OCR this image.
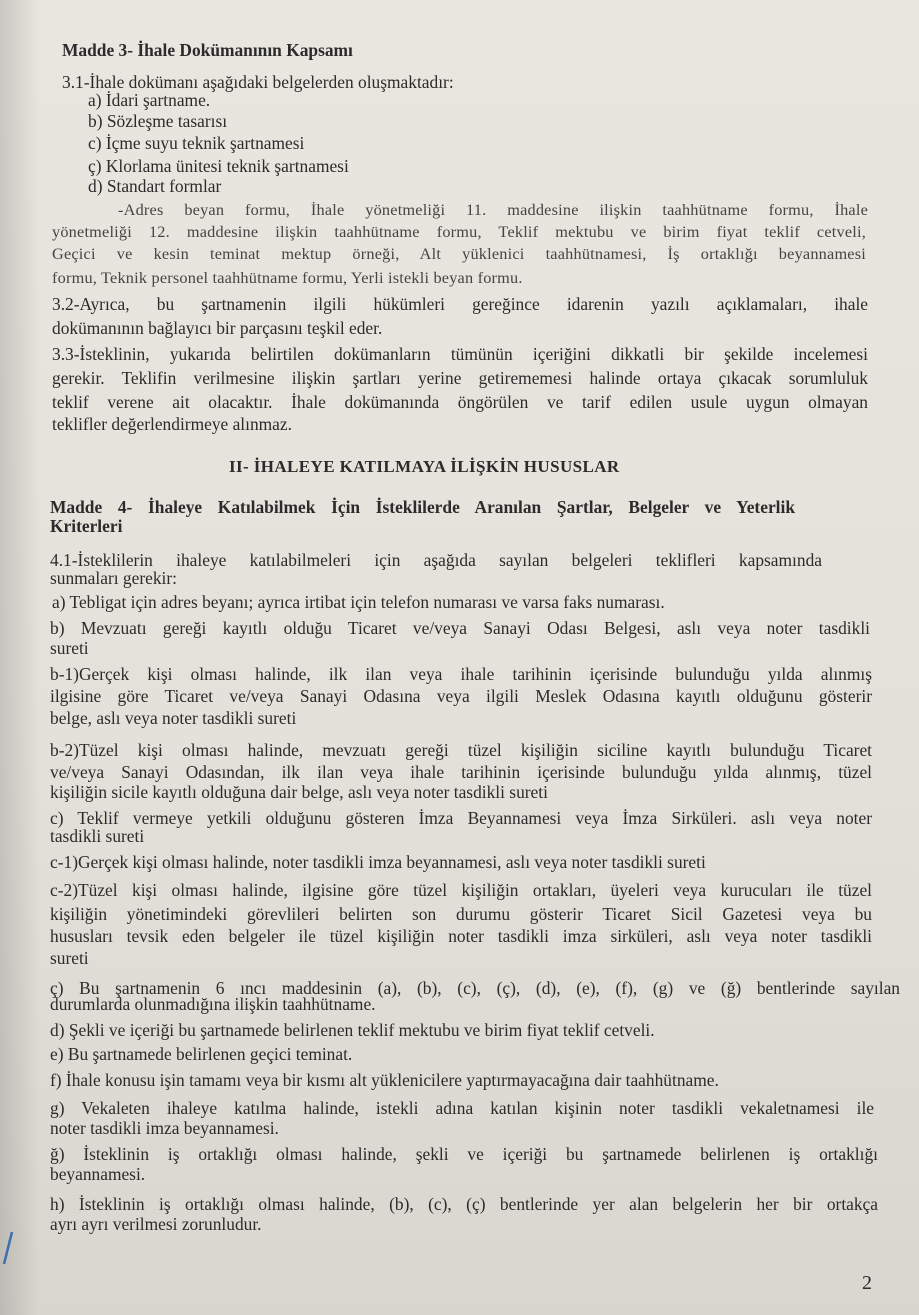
Madde 3- İhale Dokümanının Kapsamı
3.1-İhale dokümanı aşağıdaki belgelerden oluşmaktadır:
a) İdari şartname.
b) Sözleşme tasarısı
c) İçme suyu teknik şartnamesi
ç) Klorlama ünitesi teknik şartnamesi
d) Standart formlar
-Adres beyan formu, İhale yönetmeliği 11. maddesine ilişkin taahhütname formu, İhale
yönetmeliği 12. maddesine ilişkin taahhütname formu, Teklif mektubu ve birim fiyat teklif cetveli,
Geçici ve kesin teminat mektup örneği, Alt yüklenici taahhütnamesi, İş ortaklığı beyannamesi
formu, Teknik personel taahhütname formu, Yerli istekli beyan formu.
3.2-Ayrıca, bu şartnamenin ilgili hükümleri gereğince idarenin yazılı açıklamaları, ihale
dokümanının bağlayıcı bir parçasını teşkil eder.
3.3-İsteklinin, yukarıda belirtilen dokümanların tümünün içeriğini dikkatli bir şekilde incelemesi
gerekir. Teklifin verilmesine ilişkin şartları yerine getirememesi halinde ortaya çıkacak sorumluluk
teklif verene ait olacaktır. İhale dokümanında öngörülen ve tarif edilen usule uygun olmayan
teklifler değerlendirmeye alınmaz.
II- İHALEYE KATILMAYA İLİŞKİN HUSUSLAR
Madde 4- İhaleye Katılabilmek İçin İsteklilerde Aranılan Şartlar, Belgeler ve Yeterlik
Kriterleri
4.1-İsteklilerin ihaleye katılabilmeleri için aşağıda sayılan belgeleri teklifleri kapsamında
sunmaları gerekir:
a) Tebligat için adres beyanı; ayrıca irtibat için telefon numarası ve varsa faks numarası.
b) Mevzuatı gereği kayıtlı olduğu Ticaret ve/veya Sanayi Odası Belgesi, aslı veya noter tasdikli
sureti
b-1)Gerçek kişi olması halinde, ilk ilan veya ihale tarihinin içerisinde bulunduğu yılda alınmış
ilgisine göre Ticaret ve/veya Sanayi Odasına veya ilgili Meslek Odasına kayıtlı olduğunu gösterir
belge, aslı veya noter tasdikli sureti
b-2)Tüzel kişi olması halinde, mevzuatı gereği tüzel kişiliğin siciline kayıtlı bulunduğu Ticaret
ve/veya Sanayi Odasından, ilk ilan veya ihale tarihinin içerisinde bulunduğu yılda alınmış, tüzel
kişiliğin sicile kayıtlı olduğuna dair belge, aslı veya noter tasdikli sureti
c) Teklif vermeye yetkili olduğunu gösteren İmza Beyannamesi veya İmza Sirküleri. aslı veya noter
tasdikli sureti
c-1)Gerçek kişi olması halinde, noter tasdikli imza beyannamesi, aslı veya noter tasdikli sureti
c-2)Tüzel kişi olması halinde, ilgisine göre tüzel kişiliğin ortakları, üyeleri veya kurucuları ile tüzel
kişiliğin yönetimindeki görevlileri belirten son durumu gösterir Ticaret Sicil Gazetesi veya bu
hususları tevsik eden belgeler ile tüzel kişiliğin noter tasdikli imza sirküleri, aslı veya noter tasdikli
sureti
ç) Bu şartnamenin 6 ıncı maddesinin (a), (b), (c), (ç), (d), (e), (f), (g) ve (ğ) bentlerinde sayılan
durumlarda olunmadığına ilişkin taahhütname.
d) Şekli ve içeriği bu şartnamede belirlenen teklif mektubu ve birim fiyat teklif cetveli.
e) Bu şartnamede belirlenen geçici teminat.
f) İhale konusu işin tamamı veya bir kısmı alt yüklenicilere yaptırmayacağına dair taahhütname.
g) Vekaleten ihaleye katılma halinde, istekli adına katılan kişinin noter tasdikli vekaletnamesi ile
noter tasdikli imza beyannamesi.
ğ) İsteklinin iş ortaklığı olması halinde, şekli ve içeriği bu şartnamede belirlenen iş ortaklığı
beyannamesi.
h) İsteklinin iş ortaklığı olması halinde, (b), (c), (ç) bentlerinde yer alan belgelerin her bir ortakça
ayrı ayrı verilmesi zorunludur.
2
